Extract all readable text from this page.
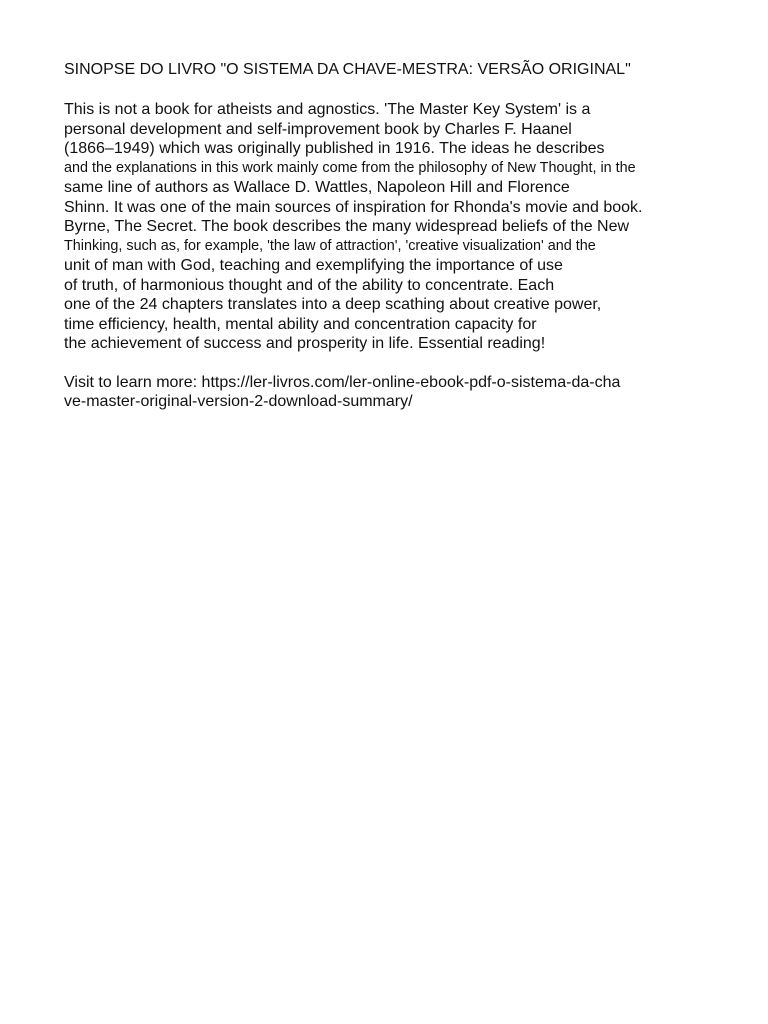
SINOPSE DO LIVRO "O SISTEMA DA CHAVE-MESTRA: VERSÃO ORIGINAL"

This is not a book for atheists and agnostics. 'The Master Key System' is a
personal development and self-improvement book by Charles F. Haanel
(1866–1949) which was originally published in 1916. The ideas he describes
and the explanations in this work mainly come from the philosophy of New Thought, in the
same line of authors as Wallace D. Wattles, Napoleon Hill and Florence
Shinn. It was one of the main sources of inspiration for Rhonda's movie and book.
Byrne, The Secret. The book describes the many widespread beliefs of the New
Thinking, such as, for example, 'the law of attraction', 'creative visualization' and the
unit of man with God, teaching and exemplifying the importance of use
of truth, of harmonious thought and of the ability to concentrate. Each
one of the 24 chapters translates into a deep scathing about creative power,
time efficiency, health, mental ability and concentration capacity for
the achievement of success and prosperity in life. Essential reading!
Visit to learn more: https://ler-livros.com/ler-online-ebook-pdf-o-sistema-da-cha
ve-master-original-version-2-download-summary/
